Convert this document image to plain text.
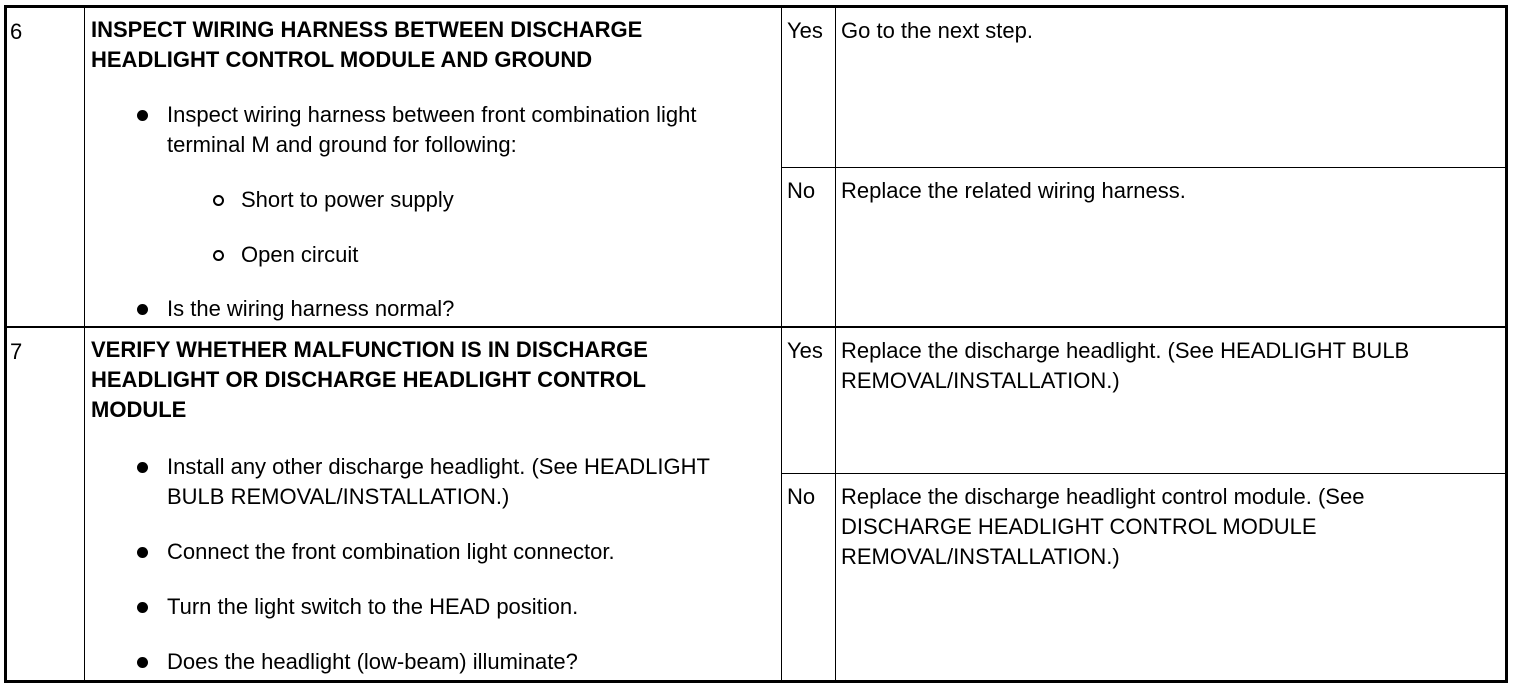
6	INSPECT WIRING HARNESS BETWEEN DISCHARGE HEADLIGHT CONTROL MODULE AND GROUND
Inspect wiring harness between front combination light terminal M and ground for following:
Short to power supply
Open circuit
Is the wiring harness normal?
Yes
No
Go to the next step.
Replace the related wiring harness.
7	VERIFY WHETHER MALFUNCTION IS IN DISCHARGE HEADLIGHT OR DISCHARGE HEADLIGHT CONTROL MODULE
Install any other discharge headlight. (See HEADLIGHT BULB REMOVAL/INSTALLATION.)
Connect the front combination light connector.
Turn the light switch to the HEAD position.
Does the headlight (low-beam) illuminate?
Yes
No
Replace the discharge headlight. (See HEADLIGHT BULB REMOVAL/INSTALLATION.)
Replace the discharge headlight control module. (See DISCHARGE HEADLIGHT CONTROL MODULE REMOVAL/INSTALLATION.)
